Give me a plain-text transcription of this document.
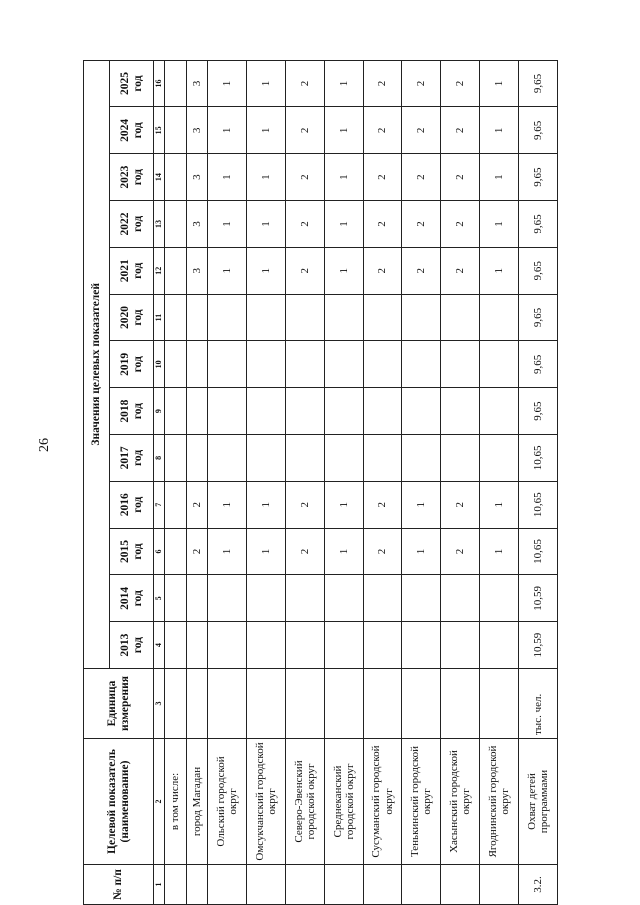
26
№ п/п	Целевой показатель (наименование)	Единица измерения	Значения целевых показателей												
			2013 год	2014 год	2015 год	2016 год	2017 год	2018 год	2019 год	2020 год	2021 год	2022 год	2023 год	2024 год	2025 год
1	2	3	4	5	6	7	8	9	10	11	12	13	14	15	16
	в том числе:														
	город Магадан				2	2					3	3	3	3	3
	Ольский городской округ				1	1					1	1	1	1	1
	Омсукчанский городской округ				1	1					1	1	1	1	1
	Северо-Эвенский городской округ				2	2					2	2	2	2	2
	Среднеканский городской округ				1	1					1	1	1	1	1
	Сусуманский городской округ				2	2					2	2	2	2	2
	Тенькинский городской округ				1	1					2	2	2	2	2
	Хасынский городской округ				2	2					2	2	2	2	2
	Ягоднинский городской округ				1	1					1	1	1	1	1
3.2.	Охват детей программами	тыс. чел.	10,59	10,59	10,65	10,65	10,65	9,65	9,65	9,65	9,65	9,65	9,65	9,65	9,65
